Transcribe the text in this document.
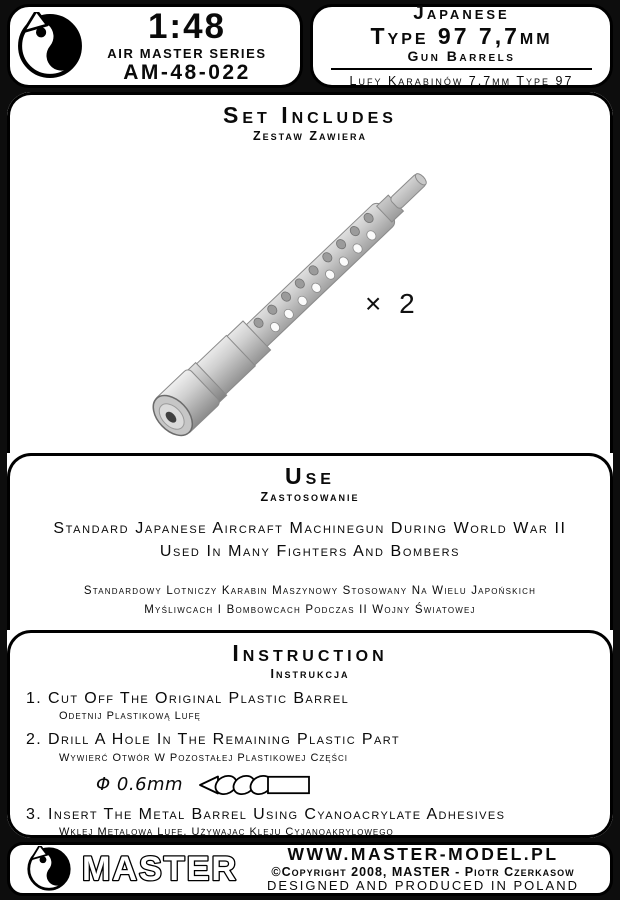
1:48
AIR MASTER SERIES
AM-48-022
Japanese
Type 97 7,7mm
Gun Barrels
Lufy Karabinów 7,7mm Type 97
Set Includes
Zestaw Zawiera
× 2
Use
Zastosowanie
Standard Japanese Aircraft Machinegun During World War II
Used In Many Fighters And Bombers
Standardowy Lotniczy Karabin Maszynowy Stosowany Na Wielu Japońskich Myśliwcach I Bombowcach Podczas II Wojny Światowej
Instruction
Instrukcja
1. Cut Off The Original Plastic Barrel
Odetnij Plastikową Lufę
2. Drill A Hole In The Remaining Plastic Part
Wywierć Otwór W Pozostałej Plastikowej Części
Φ 0.6mm
3. Insert The Metal Barrel Using Cyanoacrylate Adhesives
Wklej Metalową Lufę, Używając Kleju Cyjanoakrylowego
MASTER	WWW.MASTER-MODEL.PL
©Copyright 2008, MASTER - Piotr Czerkasow
DESIGNED AND PRODUCED IN POLAND
